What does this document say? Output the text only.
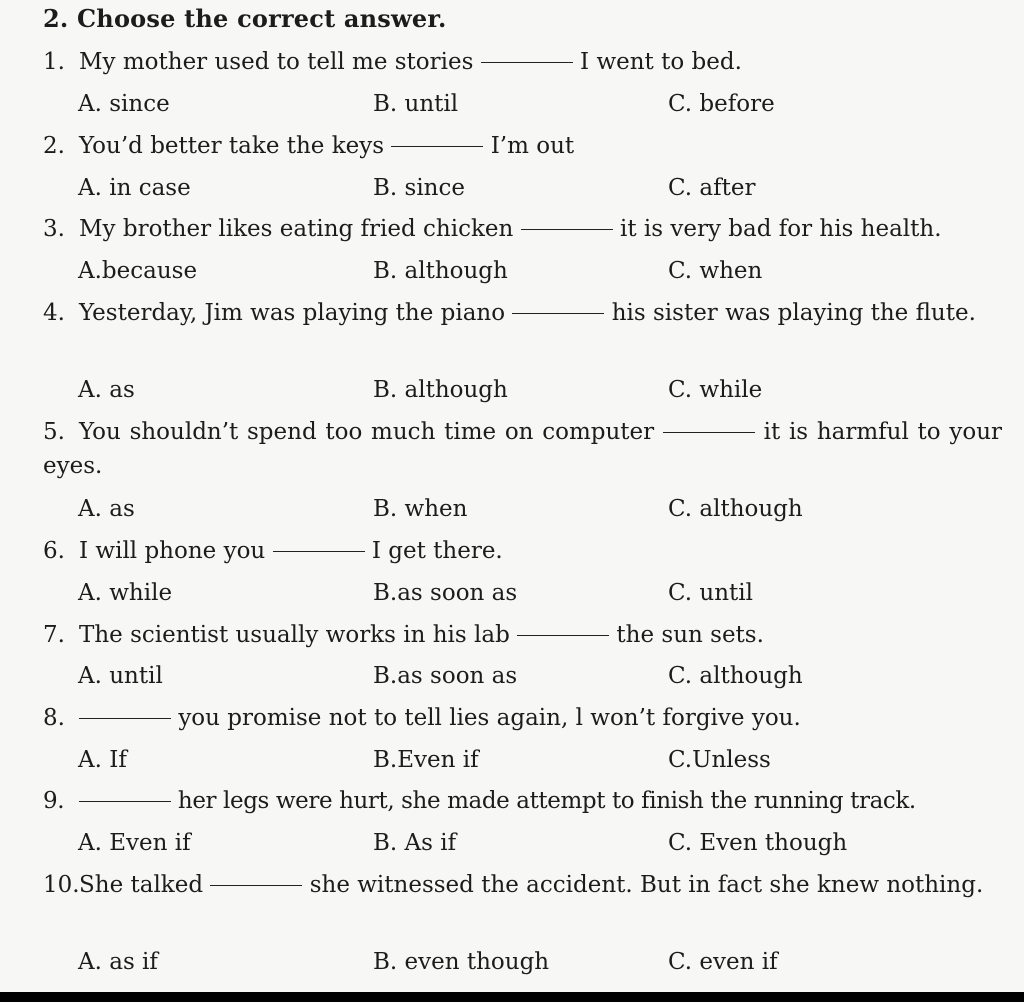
2. Choose the correct answer.
1. My mother used to tell me stories	I went to bed.
A. since	B. until	C. before
2. You’d better take the keys	I’m out
A. in case	B. since	C. after
3. My brother likes eating fried chicken	it is very bad for his health.
A.because	B. although	C. when
4. Yesterday, Jim was playing the piano	his sister was playing the flute.
A. as	B. although	C. while
5. You shouldn’t spend too much time on computer	it is harmful to your eyes.
A. as	B. when	C. although
6. I will phone you	I get there.
A. while	B.as soon as	C. until
7. The scientist usually works in his lab	the sun sets.
A. until	B.as soon as	C. although
8.	you promise not to tell lies again, l won’t forgive you.
A. If	B.Even if	C.Unless
9.	her legs were hurt, she made attempt to finish the running track.
A. Even if	B. As if	C. Even though
10.She talked	she witnessed the accident. But in fact she knew nothing.
A. as if	B. even though	C. even if
